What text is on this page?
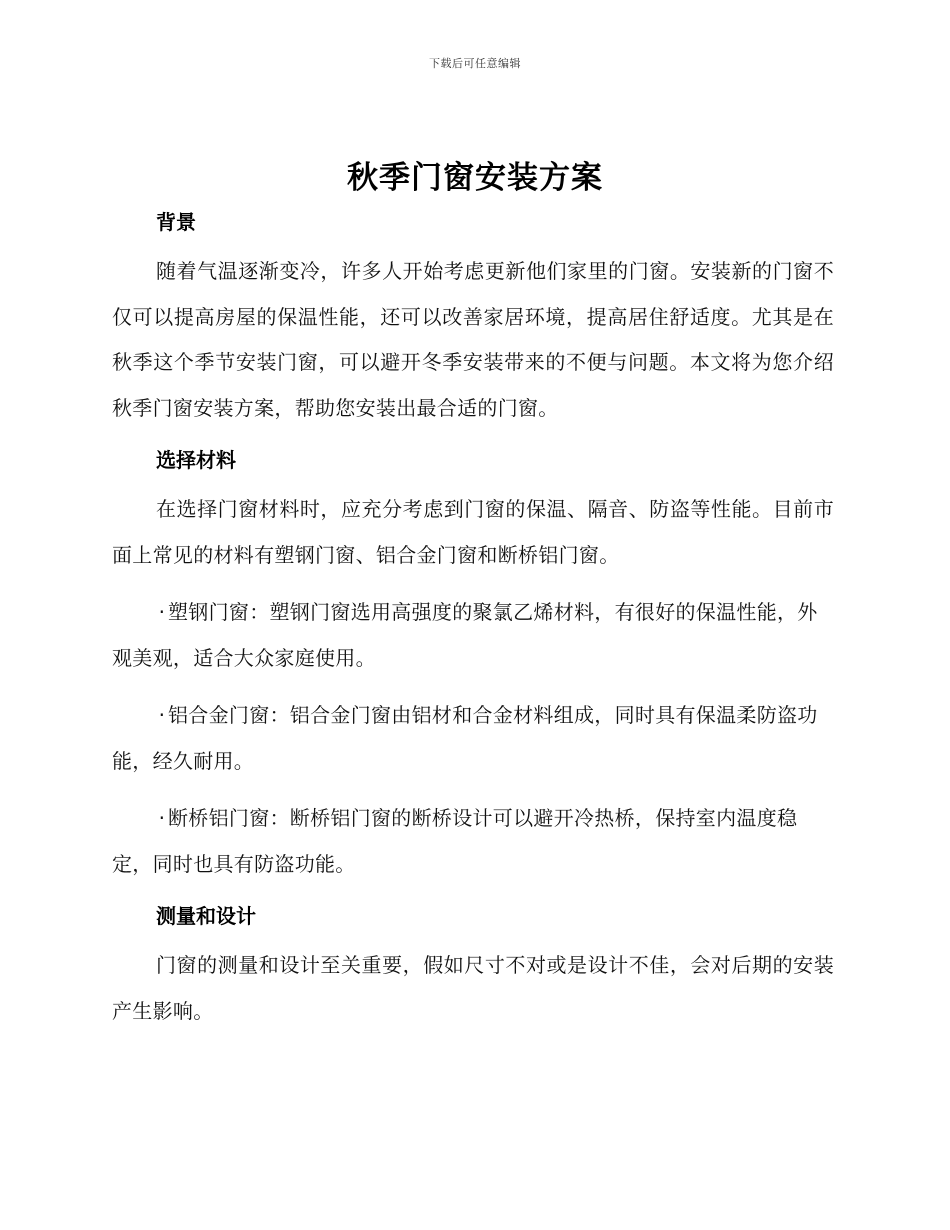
下载后可任意编辑
秋季门窗安装方案
背景

随着气温逐渐变冷，许多人开始考虑更新他们家里的门窗。安装新的门窗不仅可以提高房屋的保温性能，还可以改善家居环境，提高居住舒适度。尤其是在秋季这个季节安装门窗，可以避开冬季安装带来的不便与问题。本文将为您介绍秋季门窗安装方案，帮助您安装出最合适的门窗。

选择材料

在选择门窗材料时，应充分考虑到门窗的保温、隔音、防盗等性能。目前市面上常见的材料有塑钢门窗、铝合金门窗和断桥铝门窗。

· 塑钢门窗：塑钢门窗选用高强度的聚氯乙烯材料，有很好的保温性能，外观美观，适合大众家庭使用。

· 铝合金门窗：铝合金门窗由铝材和合金材料组成，同时具有保温柔防盗功能，经久耐用。

· 断桥铝门窗：断桥铝门窗的断桥设计可以避开冷热桥，保持室内温度稳定，同时也具有防盗功能。

测量和设计

门窗的测量和设计至关重要，假如尺寸不对或是设计不佳，会对后期的安装产生影响。
